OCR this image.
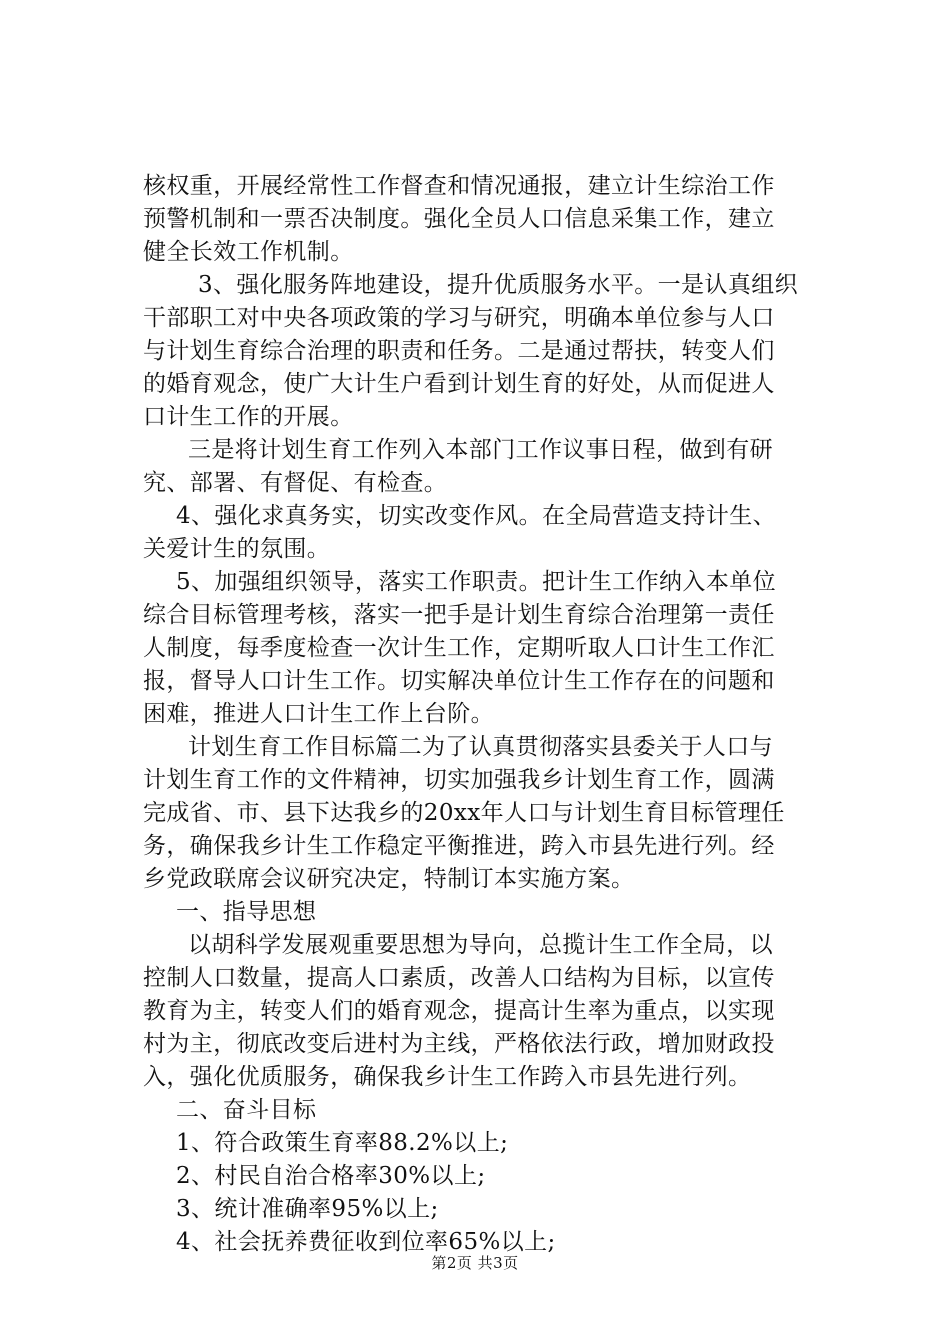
核权重，开展经常性工作督查和情况通报，建立计生综治工作
预警机制和一票否决制度。强化全员人口信息采集工作，建立
健全长效工作机制。
3、强化服务阵地建设，提升优质服务水平。一是认真组织
干部职工对中央各项政策的学习与研究，明确本单位参与人口
与计划生育综合治理的职责和任务。二是通过帮扶，转变人们
的婚育观念，使广大计生户看到计划生育的好处，从而促进人
口计生工作的开展。
三是将计划生育工作列入本部门工作议事日程，做到有研
究、部署、有督促、有检查。
4、强化求真务实，切实改变作风。在全局营造支持计生、
关爱计生的氛围。
5、加强组织领导，落实工作职责。把计生工作纳入本单位
综合目标管理考核，落实一把手是计划生育综合治理第一责任
人制度，每季度检查一次计生工作，定期听取人口计生工作汇
报，督导人口计生工作。切实解决单位计生工作存在的问题和
困难，推进人口计生工作上台阶。
计划生育工作目标篇二为了认真贯彻落实县委关于人口与
计划生育工作的文件精神，切实加强我乡计划生育工作，圆满
完成省、市、县下达我乡的20xx年人口与计划生育目标管理任
务，确保我乡计生工作稳定平衡推进，跨入市县先进行列。经
乡党政联席会议研究决定，特制订本实施方案。
一、指导思想
以胡科学发展观重要思想为导向，总揽计生工作全局，以
控制人口数量，提高人口素质，改善人口结构为目标，以宣传
教育为主，转变人们的婚育观念，提高计生率为重点，以实现
村为主，彻底改变后进村为主线，严格依法行政，增加财政投
入，强化优质服务，确保我乡计生工作跨入市县先进行列。
二、奋斗目标
1、符合政策生育率88.2%以上;
2、村民自治合格率30%以上;
3、统计准确率95%以上;
4、社会抚养费征收到位率65%以上;
第2页 共3页
